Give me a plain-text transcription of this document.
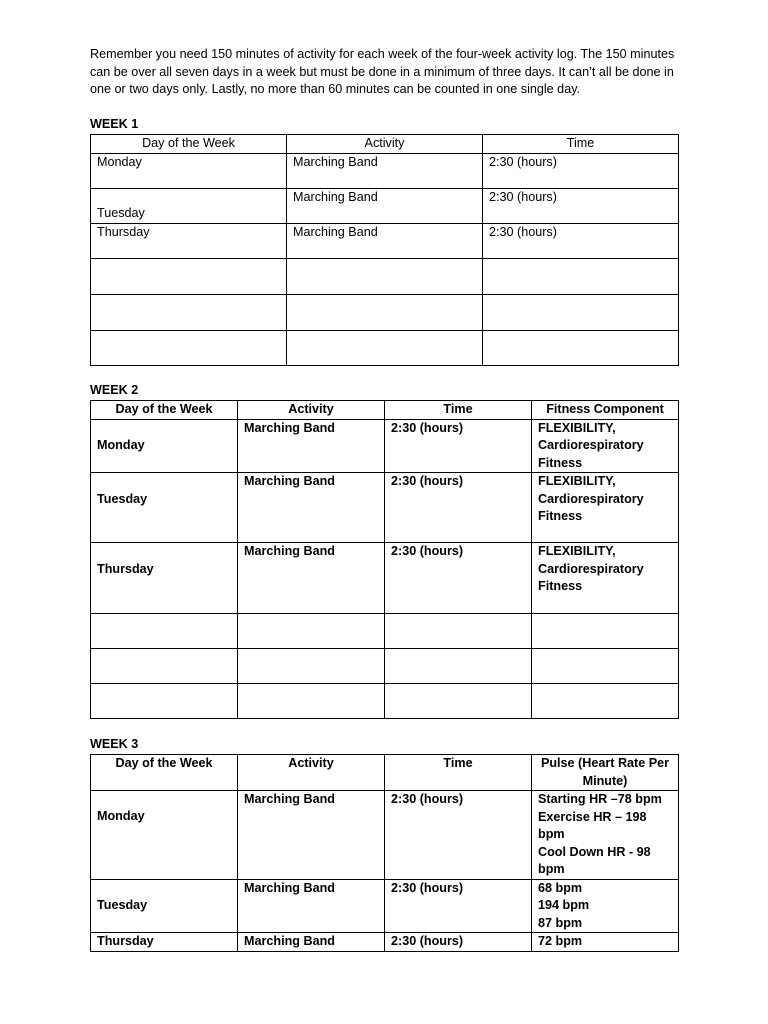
Remember you need 150 minutes of activity for each week of the four-week activity log. The 150 minutes can be over all seven days in a week but must be done in a minimum of three days. It can’t all be done in one or two days only. Lastly, no more than 60 minutes can be counted in one single day.
WEEK 1
Day of the Week	Activity	Time
Monday	Marching Band	2:30 (hours)
Tuesday	Marching Band	2:30 (hours)
Thursday	Marching Band	2:30 (hours)

WEEK 2
Day of the Week	Activity	Time	Fitness Component
Monday	Marching Band	2:30 (hours)	FLEXIBILITY, Cardiorespiratory Fitness
Tuesday	Marching Band	2:30 (hours)	FLEXIBILITY, Cardiorespiratory Fitness
Thursday	Marching Band	2:30 (hours)	FLEXIBILITY, Cardiorespiratory Fitness

WEEK 3
Day of the Week	Activity	Time	Pulse (Heart Rate Per Minute)
Monday	Marching Band	2:30 (hours)	Starting HR –78 bpm
Exercise HR – 198 bpm
Cool Down HR - 98 bpm

Tuesday	Marching Band	2:30 (hours)	68 bpm
194 bpm
87 bpm

Thursday	Marching Band	2:30 (hours)	72 bpm
